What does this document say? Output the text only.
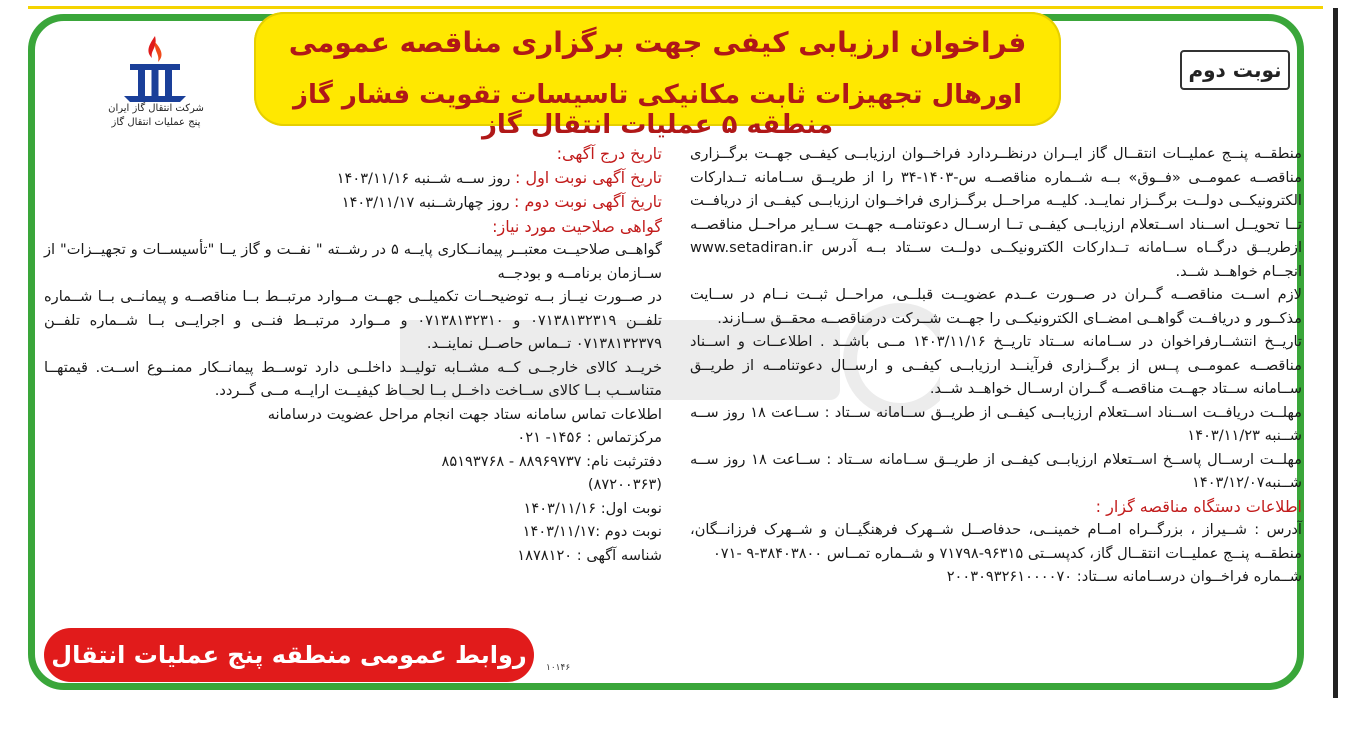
فراخوان ارزیابی کیفی جهت برگزاری مناقصه عمومی
اورهال تجهیزات ثابت مکانیکی تاسیسات تقویت فشار گاز منطقه ۵ عملیات انتقال گاز
نوبت دوم
شرکت انتقال گاز ایران
پنج عملیات انتقال گاز

منطقــه پنــج عملیــات انتقــال گاز ایــران درنظــردارد فراخــوان ارزیابــی کیفــی جهــت برگــزاری مناقصــه عمومــی «فــوق» بــه شــماره مناقصــه س-۱۴۰۳-۳۴ را از طریــق ســامانه تــدارکات الکترونیکــی دولــت برگــزار نمایــد. کلیــه مراحــل برگــزاری فراخــوان ارزیابــی کیفــی از دریافــت تــا تحویــل اســناد اســتعلام ارزیابــی کیفــی تــا ارســال دعوتنامــه جهــت ســایر مراحــل مناقصــه ازطریــق درگــاه ســامانه تــدارکات الکترونیکــی دولــت ســتاد بــه آدرس www.setadiran.ir انجــام خواهــد شــد.

لازم اســت مناقصــه گــران در صــورت عــدم عضویــت قبلــی، مراحــل ثبــت نــام در ســایت مذکــور و دریافــت گواهــی امضــای الکترونیکــی را جهــت شــرکت درمناقصــه محقــق ســازند.

تاریــخ انتشــارفراخوان در ســامانه ســتاد تاریــخ ۱۴۰۳/۱۱/۱۶ مــی باشــد . اطلاعــات و اســناد مناقصــه عمومــی پــس از برگــزاری فرآینــد ارزیابــی کیفــی و ارســال دعوتنامــه از طریــق ســامانه ســتاد جهــت مناقصــه گــران ارســال خواهــد شــد.

مهلــت دریافــت اســناد اســتعلام ارزیابــی کیفــی از طریــق ســامانه ســتاد : ســاعت ۱۸ روز ســه شــنبه ۱۴۰۳/۱۱/۲۳

مهلــت ارســال پاســخ اســتعلام ارزیابــی کیفــی از طریــق ســامانه ســتاد : ســاعت ۱۸ روز ســه شــنبه۱۴۰۳/۱۲/۰۷

اطلاعات دستگاه مناقصه گزار :

آدرس : شــیراز ، بزرگــراه امــام خمینــی، حدفاصــل شــهرک فرهنگیــان و شــهرک فرزانــگان، منطقــه پنــج عملیــات انتقــال گاز، کدپســتی ۹۶۳۱۵-۷۱۷۹۸ و شــماره تمــاس ۳۸۴۰۳۸۰۰-۹ -۰۷۱

شــماره فراخــوان درســامانه ســتاد: ۲۰۰۳۰۹۳۲۶۱۰۰۰۰۷۰

تاریخ درج آگهی:

تاریخ آگهی نوبت اول : روز ســه شــنبه ۱۴۰۳/۱۱/۱۶

تاریخ آگهی نوبت دوم : روز چهارشــنبه ۱۴۰۳/۱۱/۱۷

گواهی صلاحیت مورد نیاز:

گواهــی صلاحیــت معتبــر پیمانــکاری پایــه ۵ در رشــته " نفــت و گاز یــا "تأسیســات و تجهیــزات" از ســازمان برنامــه و بودجــه

در صــورت نیــاز بــه توضیحــات تکمیلــی جهــت مــوارد مرتبــط بــا مناقصــه و پیمانــی بــا شــماره تلفــن ۰۷۱۳۸۱۳۲۳۱۹ و ۰۷۱۳۸۱۳۲۳۱۰ و مــوارد مرتبــط فنــی و اجرایــی بــا شــماره تلفــن ۰۷۱۳۸۱۳۲۳۷۹ تــماس حاصــل نماینــد.

خریــد کالای خارجــی کــه مشــابه تولیــد داخلــی دارد توســط پیمانــکار ممنــوع اســت. قیمتهــا متناســب بــا کالای ســاخت داخــل بــا لحــاظ کیفیــت ارایــه مــی گــردد.

اطلاعات تماس سامانه ستاد جهت انجام مراحل عضویت درسامانه

مرکزتماس : ۱۴۵۶- ۰۲۱

دفترثبت نام: ۸۸۹۶۹۷۳۷ - ۸۵۱۹۳۷۶۸

(۸۷۲۰۰۳۶۳)

نوبت اول: ۱۴۰۳/۱۱/۱۶

نوبت دوم :۱۴۰۳/۱۱/۱۷

شناسه آگهی : ۱۸۷۸۱۲۰

روابط عمومی منطقه پنج عملیات انتقال گاز
۱۰۱۴۶
